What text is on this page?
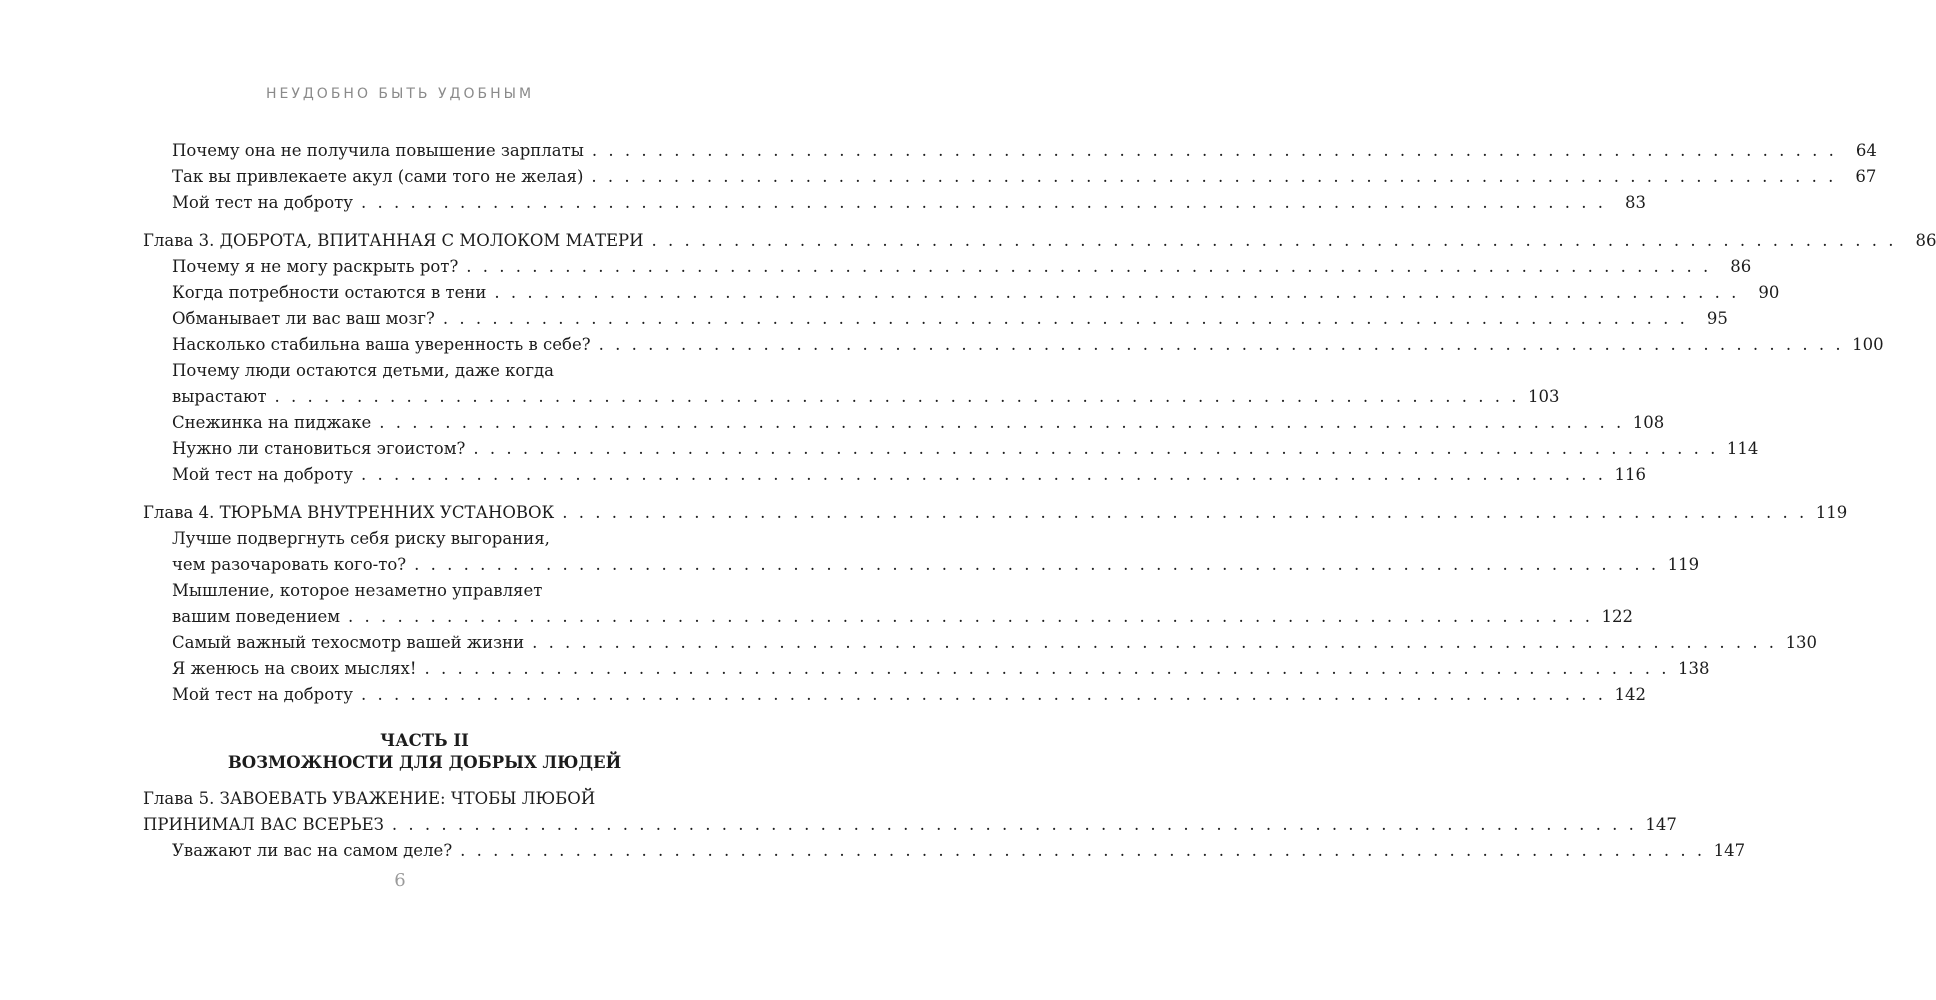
НЕУДОБНО БЫТЬ УДОБНЫМ
Почему она не получила повышение зарплаты . . .	64
Так вы привлекаете акул (сами того не желая) . . .	67
Мой тест на доброту . . .	83
Глава 3. ДОБРОТА, ВПИТАННАЯ С МОЛОКОМ МАТЕРИ . . .	86
Почему я не могу раскрыть рот? . . .	86
Когда потребности остаются в тени . . .	90
Обманывает ли вас ваш мозг? . . .	95
Насколько стабильна ваша уверенность в себе? . . .	100
Почему люди остаются детьми, даже когда
вырастают . . .	103
Снежинка на пиджаке . . .	108
Нужно ли становиться эгоистом? . . .	114
Мой тест на доброту . . .	116
Глава 4. ТЮРЬМА ВНУТРЕННИХ УСТАНОВОК . . .	119
Лучше подвергнуть себя риску выгорания,
чем разочаровать кого-то? . . .	119
Мышление, которое незаметно управляет
вашим поведением . . .	122
Самый важный техосмотр вашей жизни . . .	130
Я женюсь на своих мыслях! . . .	138
Мой тест на доброту . . .	142
ЧАСТЬ II
ВОЗМОЖНОСТИ ДЛЯ ДОБРЫХ ЛЮДЕЙ
Глава 5. ЗАВОЕВАТЬ УВАЖЕНИЕ: ЧТОБЫ ЛЮБОЙ
ПРИНИМАЛ ВАС ВСЕРЬЕЗ . . .	147
Уважают ли вас на самом деле? . . .	147
6
